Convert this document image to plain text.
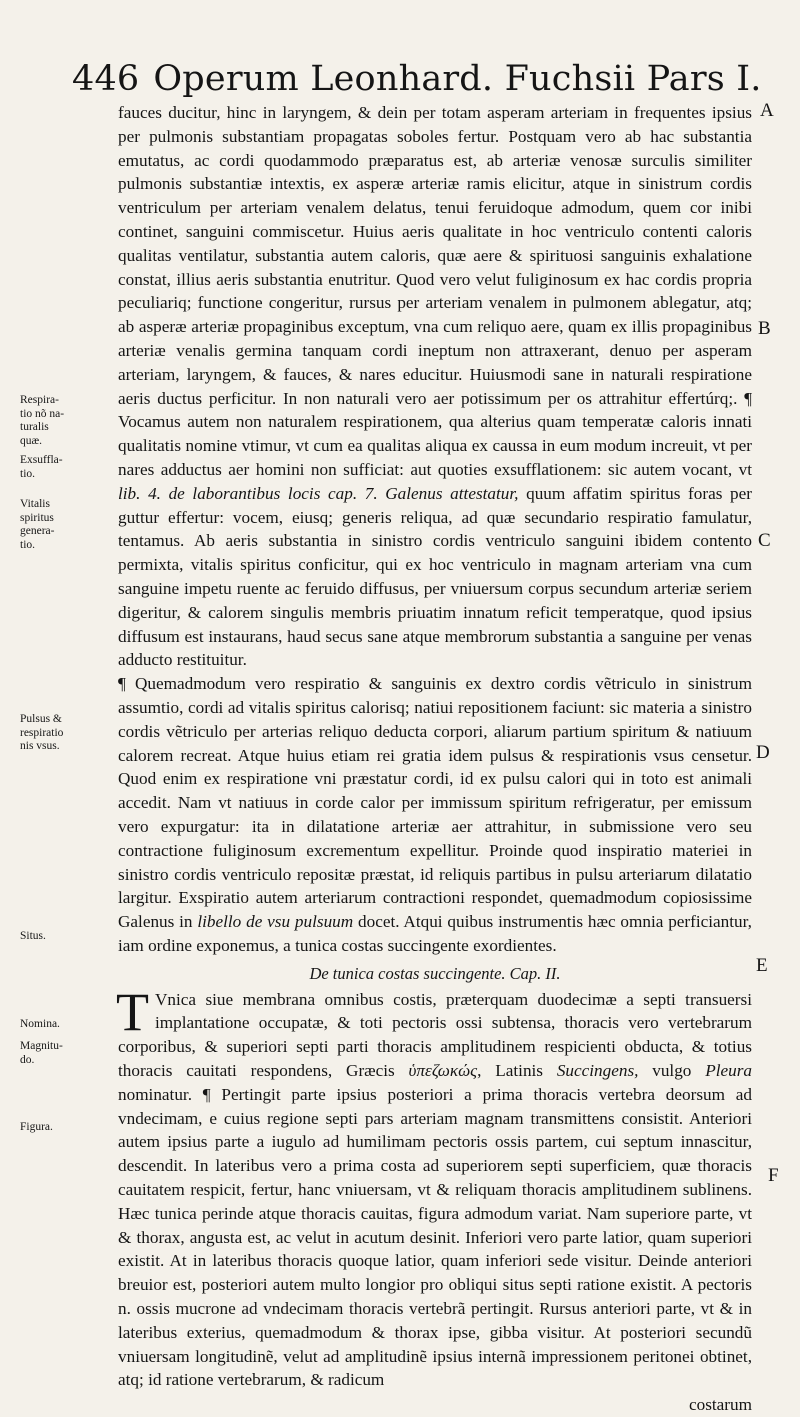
446 Operum Leonhard. Fuchsii Pars I.

fauces ducitur, hinc in laryngem, & dein per totam asperam arteriam in frequentes ipsius per pulmonis substantiam propagatas soboles fertur. Postquam vero ab hac substantia emutatus, ac cordi quodammodo præparatus est, ab arteriæ venosæ surculis similiter pulmonis substantiæ intextis, ex asperæ arteriæ ramis elicitur, atque in sinistrum cordis ventriculum per arteriam venalem delatus, tenui feruidoque admodum, quem cor inibi continet, sanguini commiscetur. Huius aeris qualitate in hoc ventriculo contenti caloris qualitas ventilatur, substantia autem caloris, quæ aere & spirituosi sanguinis exhalatione constat, illius aeris substantia enutritur. Quod vero velut fuliginosum ex hac cordis propria peculiariq; functione congeritur, rursus per arteriam venalem in pulmonem ablegatur, atq; ab asperæ arteriæ propaginibus exceptum, vna cum reliquo aere, quam ex illis propaginibus arteriæ venalis germina tanquam cordi ineptum non attraxerant, denuo per asperam arteriam, laryngem, & fauces, & nares educitur. Huiusmodi sane in naturali respiratione aeris ductus perficitur. In non naturali vero aer potissimum per os attrahitur effertúrq;. ¶ Vocamus autem non naturalem respirationem, qua alterius quam temperatæ caloris innati qualitatis nomine vtimur, vt cum ea qualitas aliqua ex caussa in eum modum increuit, vt per nares adductus aer homini non sufficiat: aut quoties exsufflationem: sic autem vocant, vt lib. 4. de laborantibus locis cap. 7. Galenus attestatur, quum affatim spiritus foras per guttur effertur: vocem, eiusq; generis reliqua, ad quæ secundario respiratio famulatur, tentamus. Ab aeris substantia in sinistro cordis ventriculo sanguini ibidem contento permixta, vitalis spiritus conficitur, qui ex hoc ventriculo in magnam arteriam vna cum sanguine impetu ruente ac feruido diffusus, per vniuersum corpus secundum arteriæ seriem digeritur, & calorem singulis membris priuatim innatum reficit temperatque, quod ipsius diffusum est instaurans, haud secus sane atque membrorum substantia a sanguine per venas adducto restituitur.

¶ Quemadmodum vero respiratio & sanguinis ex dextro cordis vẽtriculo in sinistrum assumtio, cordi ad vitalis spiritus calorisq; natiui repositionem faciunt: sic materia a sinistro cordis vẽtriculo per arterias reliquo deducta corpori, aliarum partium spiritum & natiuum calorem recreat. Atque huius etiam rei gratia idem pulsus & respirationis vsus censetur. Quod enim ex respiratione vni præstatur cordi, id ex pulsu calori qui in toto est animali accedit. Nam vt natiuus in corde calor per immissum spiritum refrigeratur, per emissum vero expurgatur: ita in dilatatione arteriæ aer attrahitur, in submissione vero seu contractione fuliginosum excrementum expellitur. Proinde quod inspiratio materiei in sinistro cordis ventriculo repositæ præstat, id reliquis partibus in pulsu arteriarum dilatatio largitur. Exspiratio autem arteriarum contractioni respondet, quemadmodum copiosissime Galenus in libello de vsu pulsuum docet. Atqui quibus instrumentis hæc omnia perficiantur, iam ordine exponemus, a tunica costas succingente exordientes.

De tunica costas succingente. Cap. II.

T Vnica siue membrana omnibus costis, præterquam duodecimæ a septi transuersi implantatione occupatæ, & toti pectoris ossi subtensa, thoracis vero vertebrarum corporibus, & superiori septi parti thoracis amplitudinem respicienti obducta, & totius thoracis cauitati respondens, Græcis ὑπεζωκώς, Latinis Succingens, vulgo Pleura nominatur. ¶ Pertingit parte ipsius posteriori a prima thoracis vertebra deorsum ad vndecimam, e cuius regione septi pars arteriam magnam transmittens consistit. Anteriori autem ipsius parte a iugulo ad humilimam pectoris ossis partem, cui septum innascitur, descendit. In lateribus vero a prima costa ad superiorem septi superficiem, quæ thoracis cauitatem respicit, fertur, hanc vniuersam, vt & reliquam thoracis amplitudinem sublinens. Hæc tunica perinde atque thoracis cauitas, figura admodum variat. Nam superiore parte, vt & thorax, angusta est, ac velut in acutum desinit. Inferiori vero parte latior, quam superiori existit. At in lateribus thoracis quoque latior, quam inferiori sede visitur. Deinde anteriori breuior est, posteriori autem multo longior pro obliqui situs septi ratione existit. A pectoris n. ossis mucrone ad vndecimam thoracis vertebrã pertingit. Rursus anteriori parte, vt & in lateribus exterius, quemadmodum & thorax ipse, gibba visitur. At posteriori secundũ vniuersam longitudinẽ, velut ad amplitudinẽ ipsius internã impressionem peritonei obtinet, atq; id ratione vertebrarum, & radicum

costarum
A
B
C
D
E
F
Respira-
tio nõ na-
turalis
quæ.
Exsuffla-
tio.
Vitalis
spiritus
genera-
tio.
Pulsus &
respiratio
nis vsus.
Situs.
Nomina.
Magnitu-
do.
Figura.
